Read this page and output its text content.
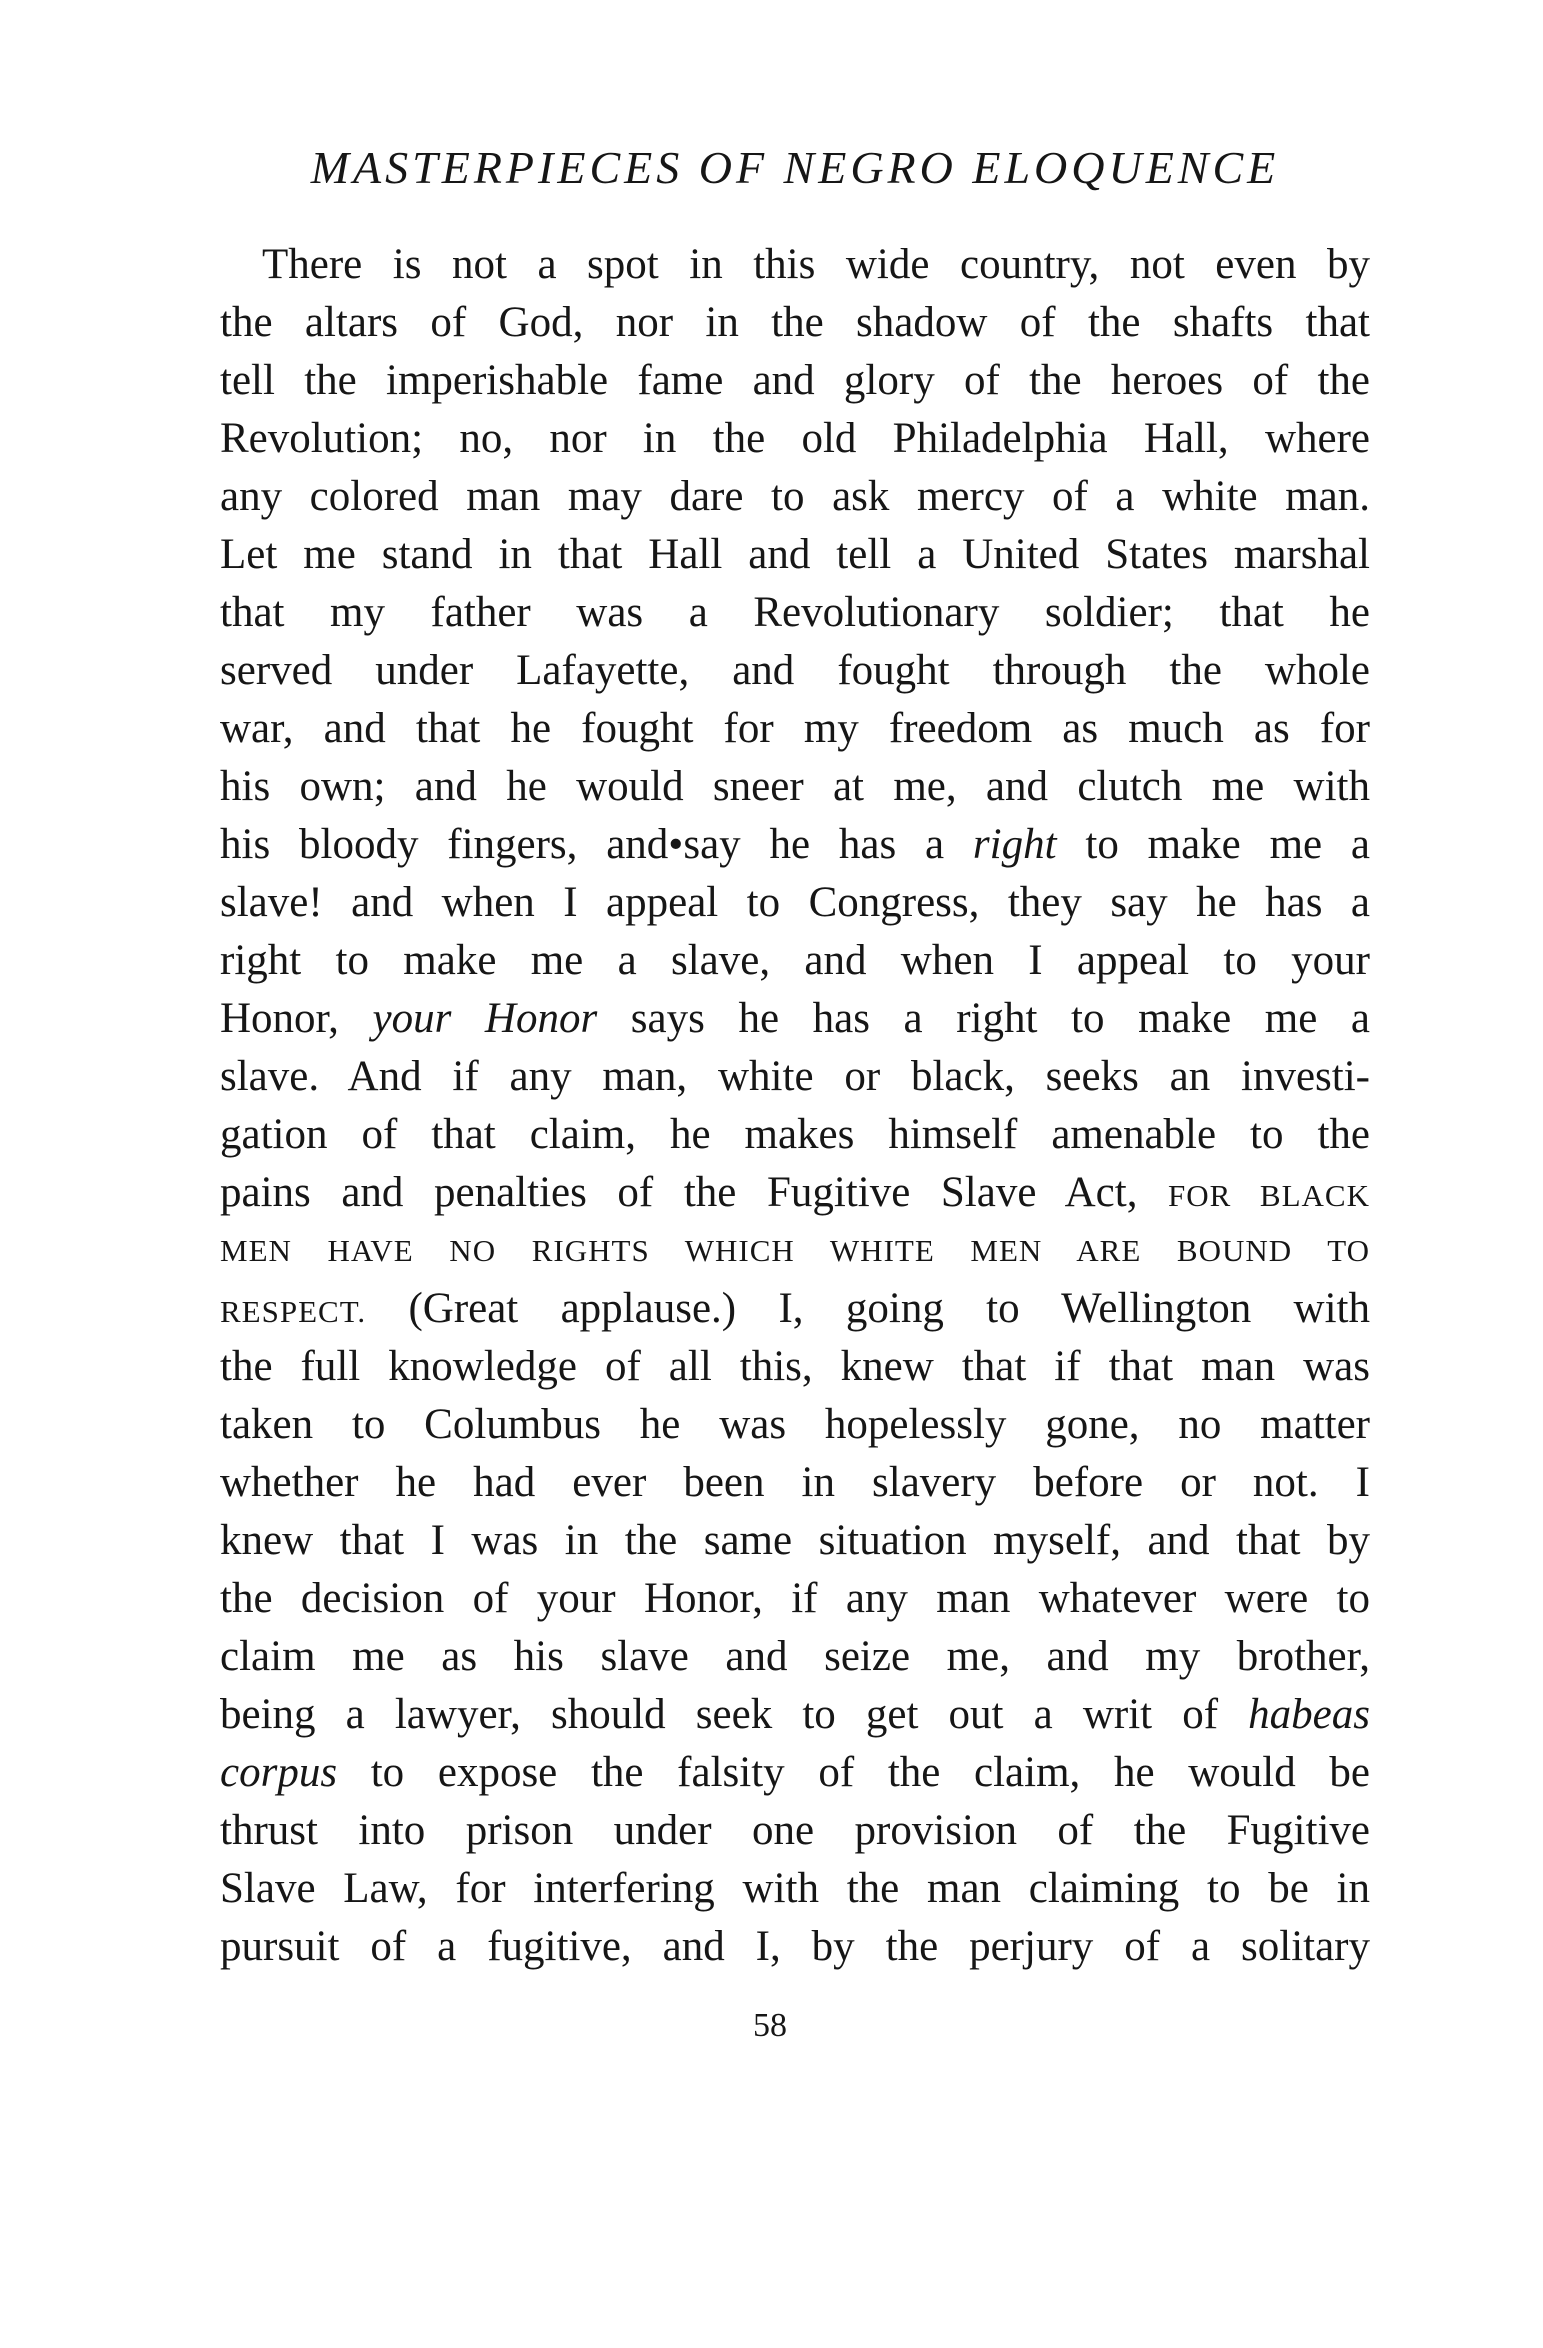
MASTERPIECES OF NEGRO ELOQUENCE
There is not a spot in this wide country, not even by
the altars of God, nor in the shadow of the shafts that
tell the imperishable fame and glory of the heroes of the
Revolution; no, nor in the old Philadelphia Hall, where
any colored man may dare to ask mercy of a white man.
Let me stand in that Hall and tell a United States marshal
that my father was a Revolutionary soldier; that he
served under Lafayette, and fought through the whole
war, and that he fought for my freedom as much as for
his own; and he would sneer at me, and clutch me with
his bloody fingers, and•say he has a right to make me a
slave! and when I appeal to Congress, they say he has a
right to make me a slave, and when I appeal to your
Honor, your Honor says he has a right to make me a
slave. And if any man, white or black, seeks an investi-
gation of that claim, he makes himself amenable to the
pains and penalties of the Fugitive Slave Act, FOR BLACK
MEN HAVE NO RIGHTS WHICH WHITE MEN ARE BOUND TO
RESPECT. (Great applause.) I, going to Wellington with
the full knowledge of all this, knew that if that man was
taken to Columbus he was hopelessly gone, no matter
whether he had ever been in slavery before or not. I
knew that I was in the same situation myself, and that by
the decision of your Honor, if any man whatever were to
claim me as his slave and seize me, and my brother,
being a lawyer, should seek to get out a writ of habeas
corpus to expose the falsity of the claim, he would be
thrust into prison under one provision of the Fugitive
Slave Law, for interfering with the man claiming to be in
pursuit of a fugitive, and I, by the perjury of a solitary
58
